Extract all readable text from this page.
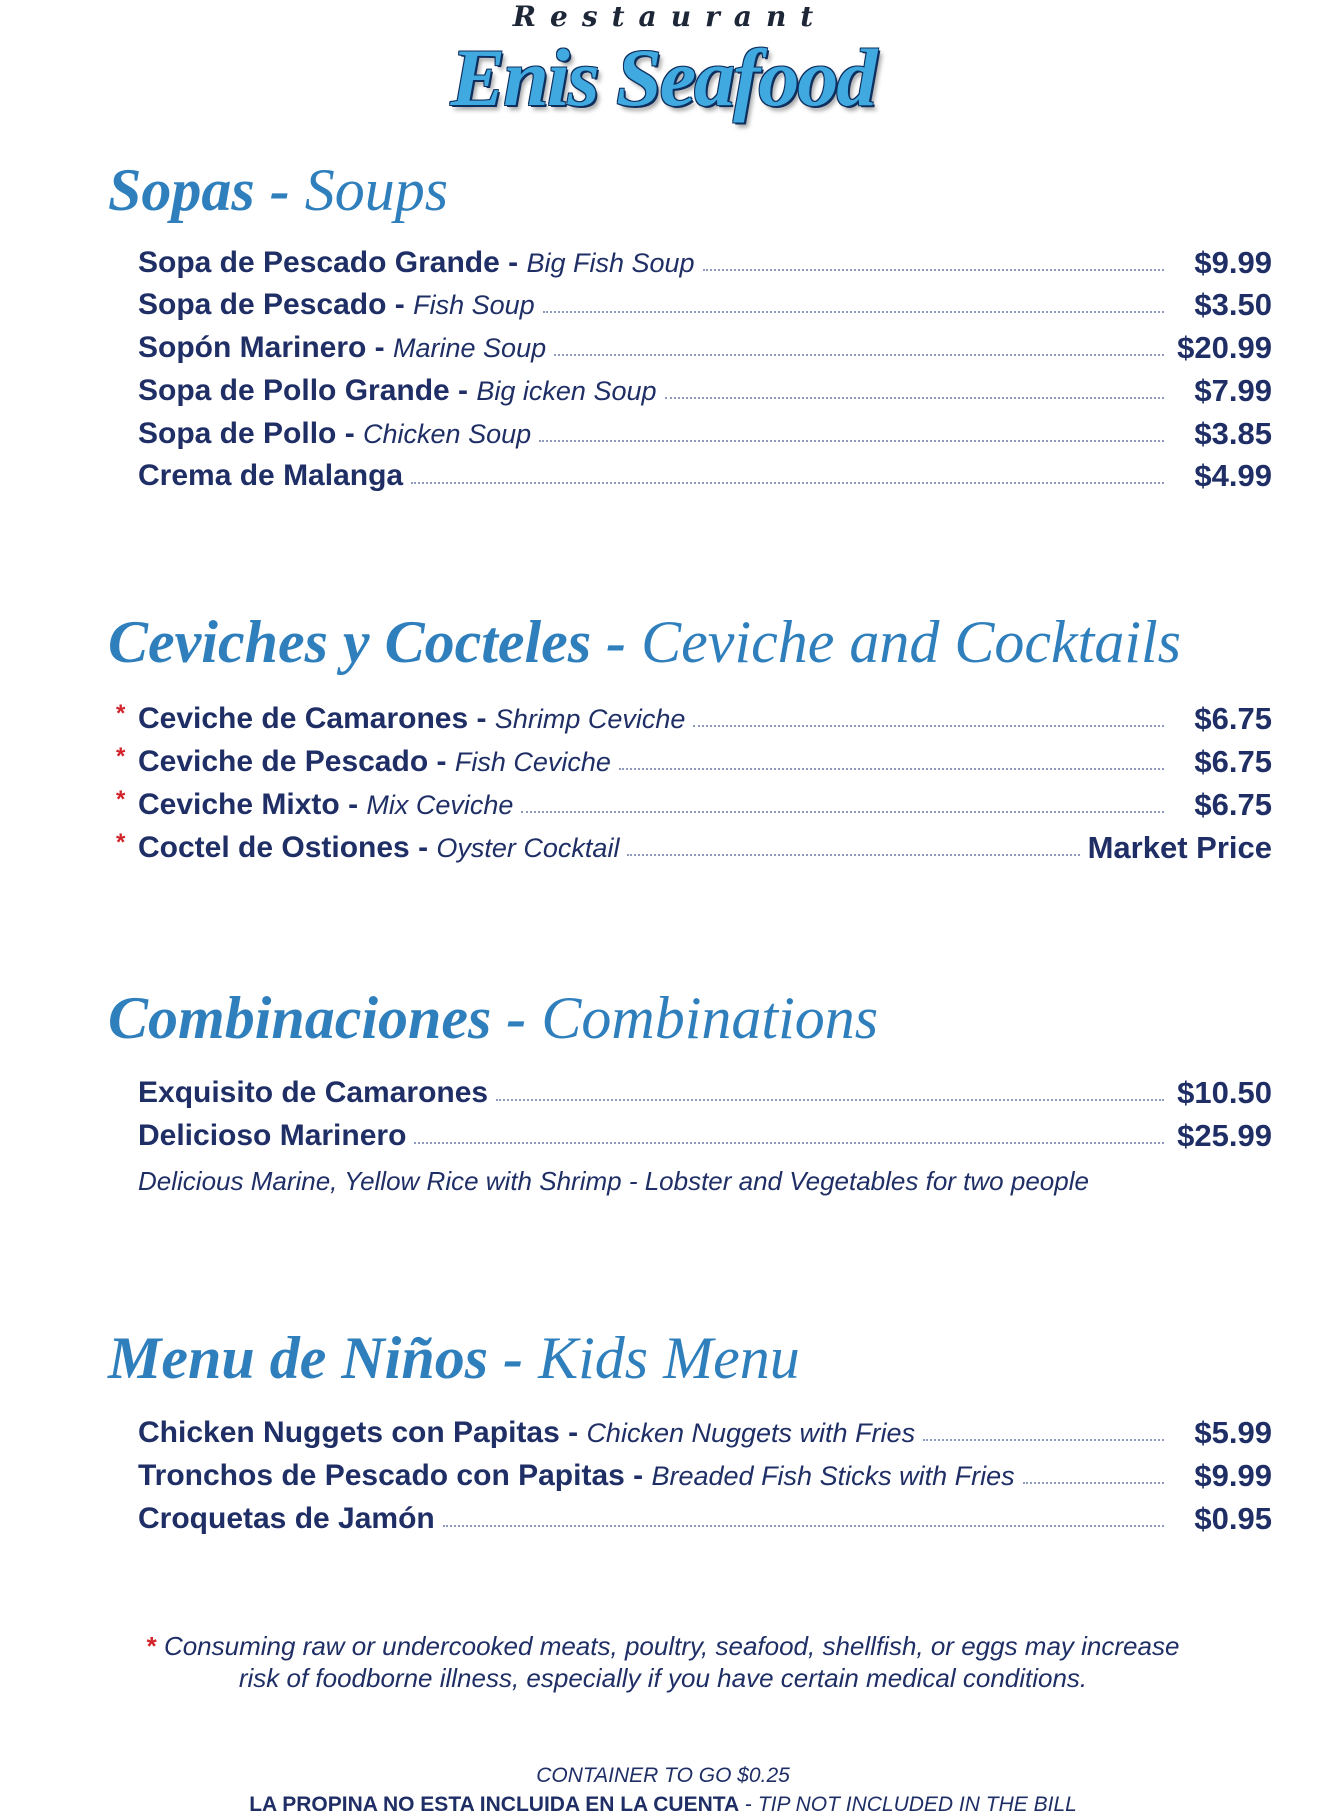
Restaurant
Enis Seafood
Sopas - Soups
Sopa de Pescado Grande - Big Fish Soup	$9.99
Sopa de Pescado - Fish Soup	$3.50
Sopón Marinero - Marine Soup	$20.99
Sopa de Pollo Grande - Big icken Soup	$7.99
Sopa de Pollo - Chicken Soup	$3.85
Crema de Malanga	$4.99
Ceviches y Cocteles - Ceviche and Cocktails
* Ceviche de Camarones - Shrimp Ceviche	$6.75
* Ceviche de Pescado - Fish Ceviche	$6.75
* Ceviche Mixto - Mix Ceviche	$6.75
* Coctel de Ostiones - Oyster Cocktail	Market Price
Combinaciones - Combinations
Exquisito de Camarones	$10.50
Delicioso Marinero	$25.99
Delicious Marine, Yellow Rice with Shrimp - Lobster and Vegetables for two people
Menu de Niños - Kids Menu
Chicken Nuggets con Papitas - Chicken Nuggets with Fries	$5.99
Tronchos de Pescado con Papitas - Breaded Fish Sticks with Fries	$9.99
Croquetas de Jamón	$0.95
* Consuming raw or undercooked meats, poultry, seafood, shellfish, or eggs may increase
risk of foodborne illness, especially if you have certain medical conditions.
CONTAINER TO GO $0.25
LA PROPINA NO ESTA INCLUIDA EN LA CUENTA - TIP NOT INCLUDED IN THE BILL
